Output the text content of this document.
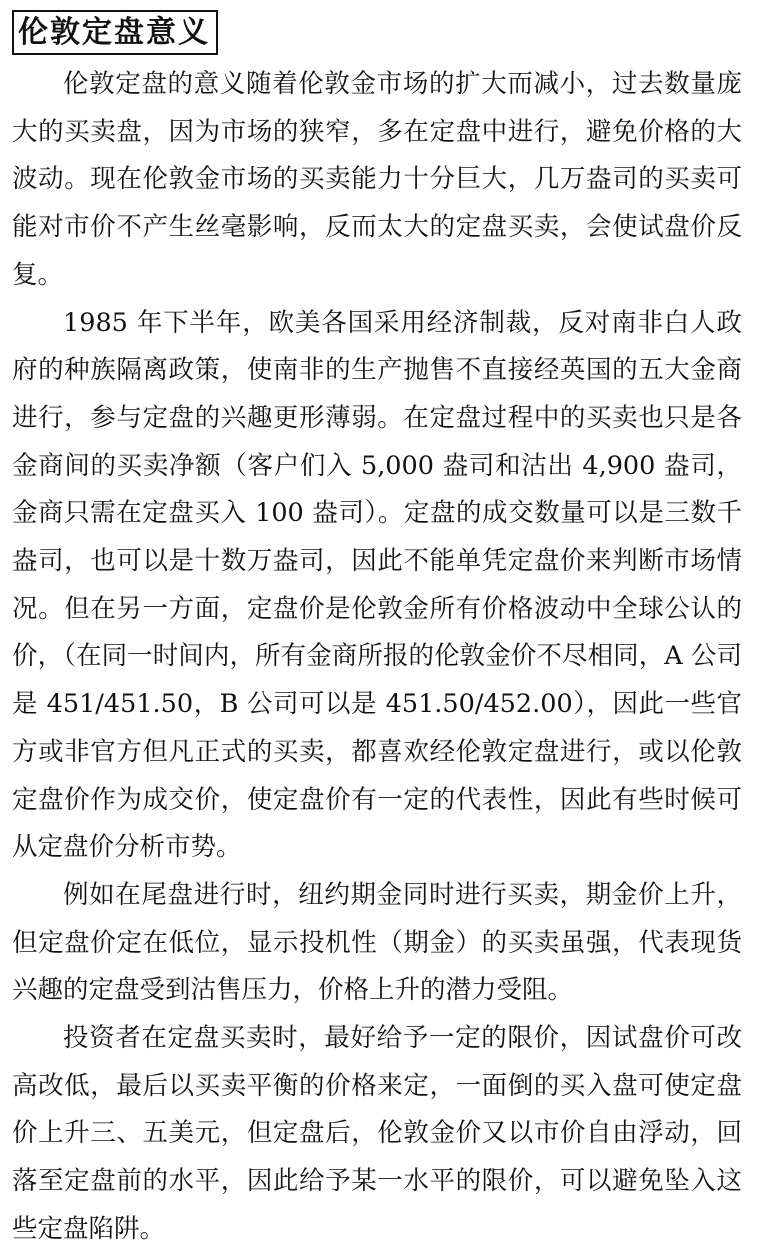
伦敦定盘意义

伦敦定盘的意义随着伦敦金市场的扩大而减小，过去数量庞大的买卖盘，因为市场的狭窄，多在定盘中进行，避免价格的大波动。现在伦敦金市场的买卖能力十分巨大，几万盎司的买卖可能对市价不产生丝毫影响，反而太大的定盘买卖，会使试盘价反复。

1985 年下半年，欧美各国采用经济制裁，反对南非白人政府的种族隔离政策，使南非的生产抛售不直接经英国的五大金商进行，参与定盘的兴趣更形薄弱。在定盘过程中的买卖也只是各金商间的买卖净额（客户们入 5,000 盎司和沽出 4,900 盎司，金商只需在定盘买入 100 盎司）。定盘的成交数量可以是三数千盎司，也可以是十数万盎司，因此不能单凭定盘价来判断市场情况。但在另一方面，定盘价是伦敦金所有价格波动中全球公认的价，（在同一时间内，所有金商所报的伦敦金价不尽相同，A 公司是 451/451.50，B 公司可以是 451.50/452.00），因此一些官方或非官方但凡正式的买卖，都喜欢经伦敦定盘进行，或以伦敦定盘价作为成交价，使定盘价有一定的代表性，因此有些时候可从定盘价分析市势。

例如在尾盘进行时，纽约期金同时进行买卖，期金价上升，但定盘价定在低位，显示投机性（期金）的买卖虽强，代表现货兴趣的定盘受到沽售压力，价格上升的潜力受阻。

投资者在定盘买卖时，最好给予一定的限价，因试盘价可改高改低，最后以买卖平衡的价格来定，一面倒的买入盘可使定盘价上升三、五美元，但定盘后，伦敦金价又以市价自由浮动，回落至定盘前的水平，因此给予某一水平的限价，可以避免坠入这些定盘陷阱。
